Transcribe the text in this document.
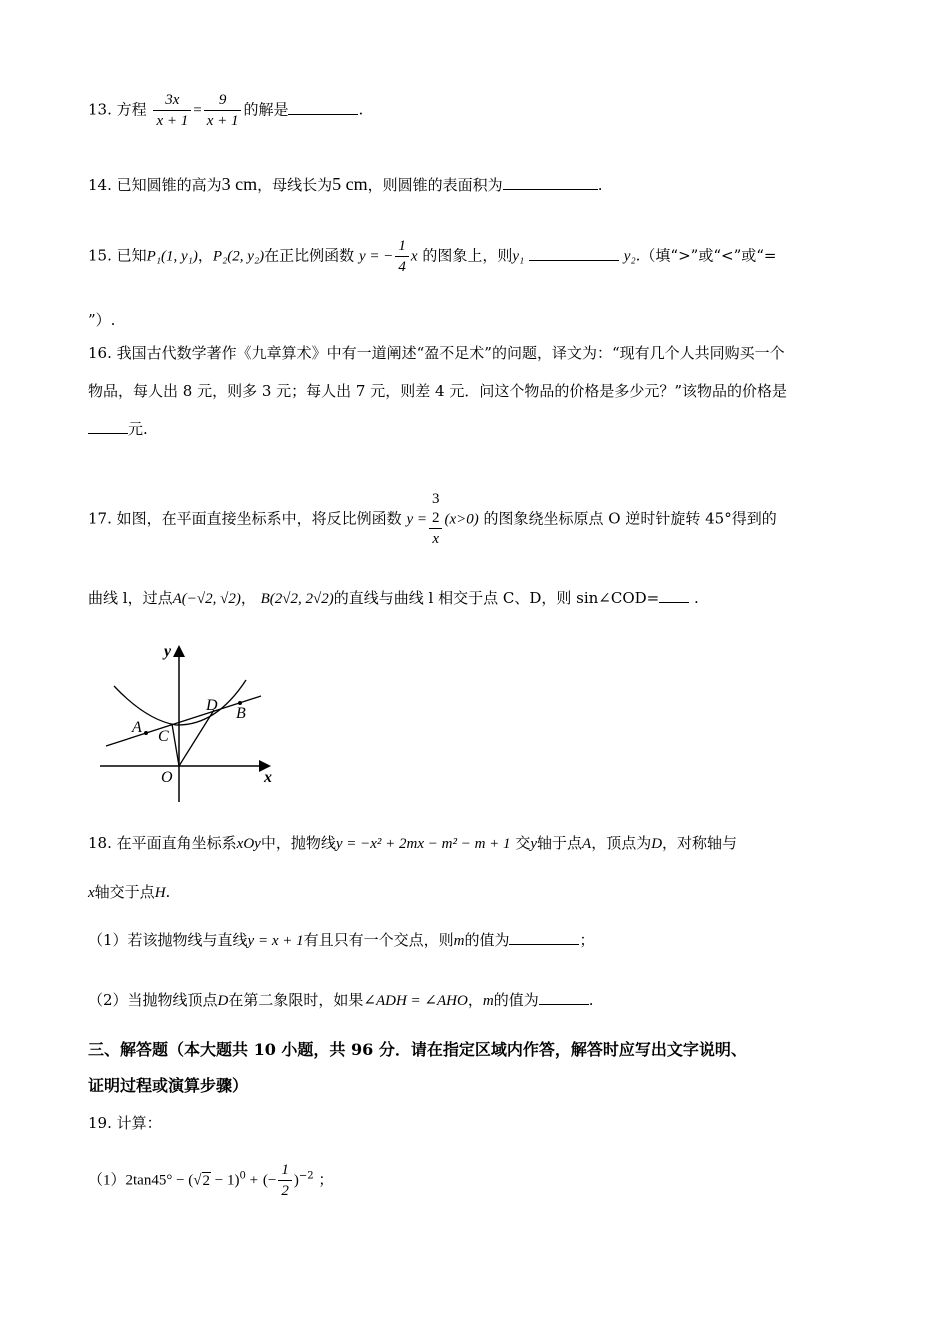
13. 方程 $\frac{3x}{x + 1} = \frac{9}{x + 1}$ 的解是	.
14. 已知圆锥的高为3 cm，母线长为5 cm，则圆锥的表面积为	.
15. 已知P₁(1, y₁)，P₂(2, y₂)在正比例函数 y = − $\frac{1}{4}$ x 的图象上，则y₁	y₂.（填“>”或“<”或“=
”）.
16. 我国古代数学著作《九章算术》中有一道阐述“盈不足术”的问题，译文为：“现有几个人共同购买一个
物品，每人出 8 元，则多 3 元；每人出 7 元，则差 4 元．问这个物品的价格是多少元？”该物品的价格是
元.
17. 如图，在平面直接坐标系中，将反比例函数 y =
3
2
x
(x>0) 的图象绕坐标原点 O 逆时针旋转 45°得到的
曲线 l，过点A(−√2, √2)， B(2√2, 2√2)的直线与曲线 l 相交于点 C、D，则 sin∠COD= .
y
x
O
A
C
D B
18. 在平面直角坐标系xOy中，抛物线y = −x² + 2mx − m² − m + 1 交y轴于点A，顶点为D，对称轴与
x轴交于点H.
（1）若该抛物线与直线y = x + 1有且只有一个交点，则m的值为	；
（2）当抛物线顶点D在第二象限时，如果∠ADH = ∠AHO，m的值为	.
三、解答题（本大题共 10 小题，共 96 分．请在指定区域内作答，解答时应写出文字说明、
证明过程或演算步骤）
19. 计算：
$(1)2\tan 45^\circ - (√2 - 1)^0$ + (− $\frac{1}{2} )^{-2}$ ；
